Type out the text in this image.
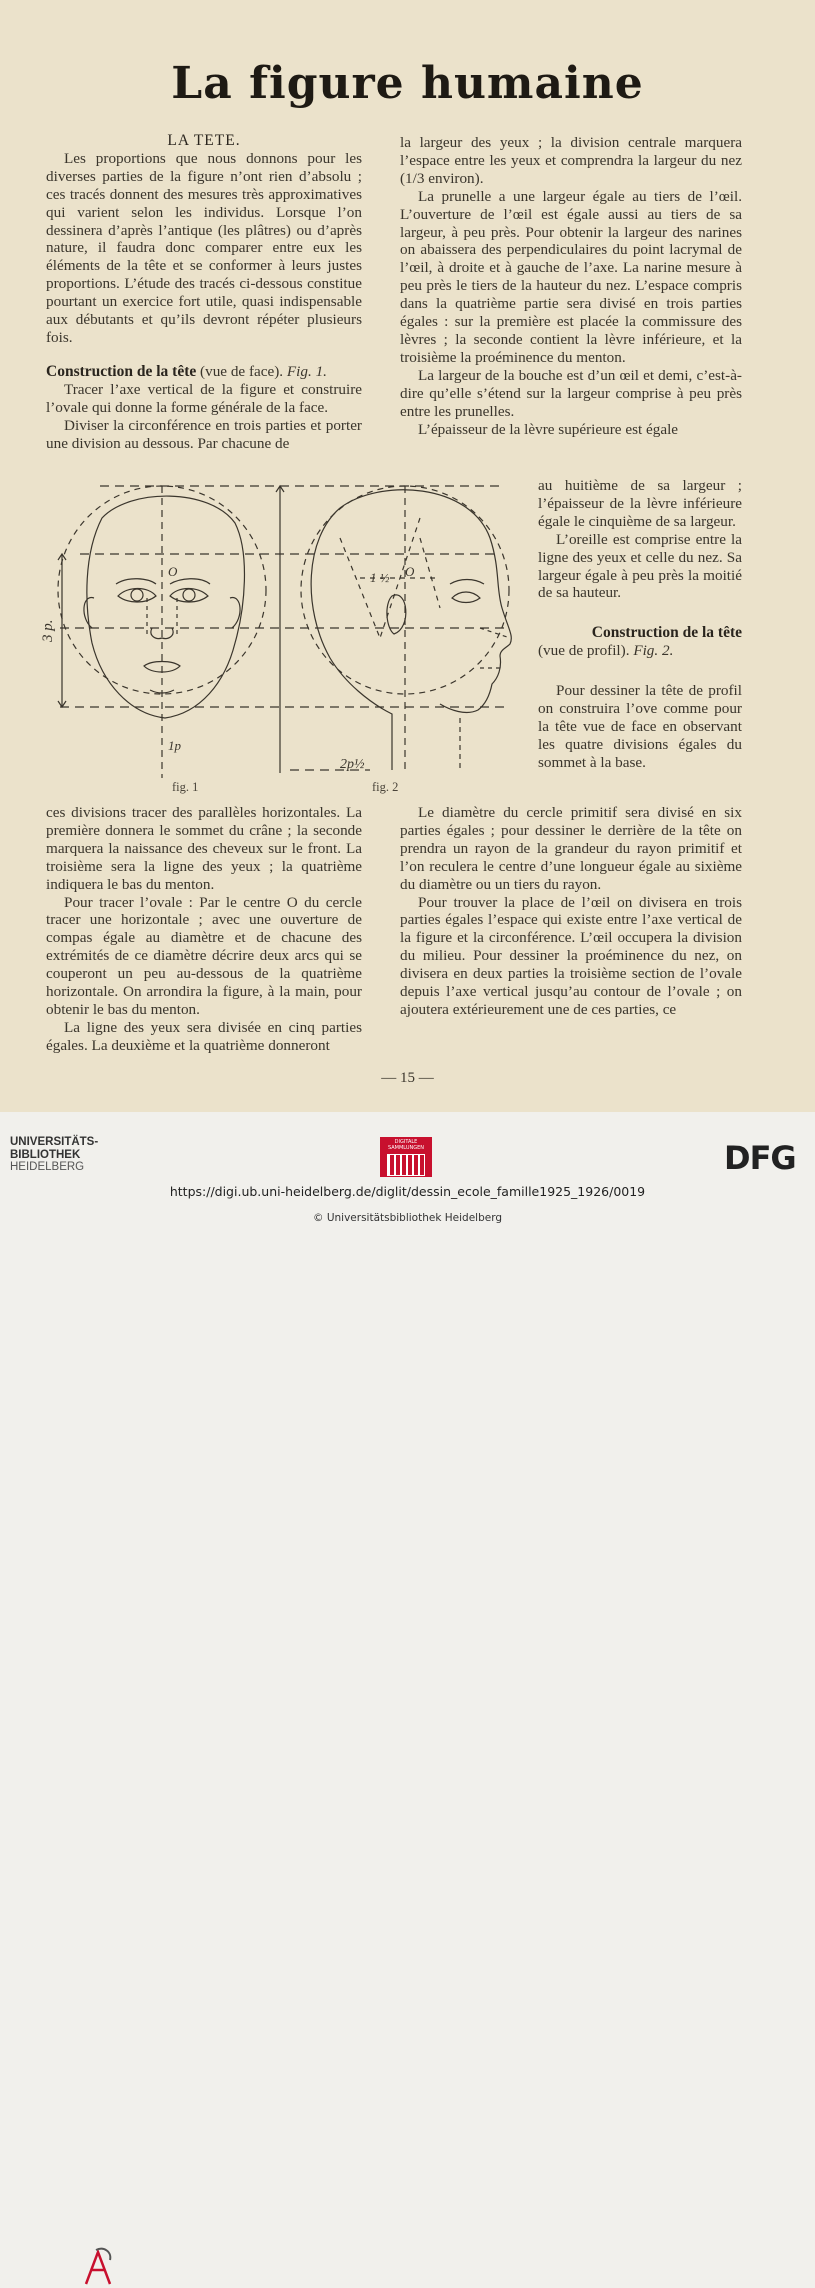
La figure humaine

LA TETE.

Les proportions que nous donnons pour les diverses parties de la figure n’ont rien d’absolu ; ces tracés donnent des mesures très approximatives qui varient selon les individus. Lorsque l’on dessinera d’après l’antique (les plâtres) ou d’après nature, il faudra donc comparer entre eux les éléments de la tête et se conformer à leurs justes proportions. L’étude des tracés ci-dessous constitue pourtant un exercice fort utile, quasi indispensable aux débutants et qu’ils devront répéter plusieurs fois.

Construction de la tête (vue de face). Fig. 1.

Tracer l’axe vertical de la figure et construire l’ovale qui donne la forme générale de la face.

Diviser la circonférence en trois parties et porter une division au dessous. Par chacune de

ces divisions tracer des parallèles horizontales. La première donnera le sommet du crâne ; la seconde marquera la naissance des cheveux sur le front. La troisième sera la ligne des yeux ; la quatrième indiquera le bas du menton.

Pour tracer l’ovale : Par le centre O du cercle tracer une horizontale ; avec une ouverture de compas égale au diamètre et de chacune des extrémités de ce diamètre décrire deux arcs qui se couperont un peu au-dessous de la quatrième horizontale. On arrondira la figure, à la main, pour obtenir le bas du menton.

La ligne des yeux sera divisée en cinq parties égales. La deuxième et la quatrième donneront

la largeur des yeux ; la division centrale marquera l’espace entre les yeux et comprendra la largeur du nez (1/3 environ).

La prunelle a une largeur égale au tiers de l’œil. L’ouverture de l’œil est égale aussi au tiers de sa largeur, à peu près. Pour obtenir la largeur des narines on abaissera des perpendiculaires du point lacrymal de l’œil, à droite et à gauche de l’axe. La narine mesure à peu près le tiers de la hauteur du nez. L’espace compris dans la quatrième partie sera divisé en trois parties égales : sur la première est placée la commissure des lèvres ; la seconde contient la lèvre inférieure, et la troisième la proéminence du menton.

La largeur de la bouche est d’un œil et demi, c’est-à-dire qu’elle s’étend sur la largeur comprise à peu près entre les prunelles.

L’épaisseur de la lèvre supérieure est égale

au huitième de sa largeur ; l’épaisseur de la lèvre inférieure égale le cinquième de sa largeur.

L’oreille est comprise entre la ligne des yeux et celle du nez. Sa largeur égale à peu près la moitié de sa hauteur.

Construction de la tête

(vue de profil). Fig. 2.

Pour dessiner la tête de profil on construira l’ove comme pour la tête vue de face en observant les quatre divisions égales du sommet à la base.

Le diamètre du cercle primitif sera divisé en six parties égales ; pour dessiner le derrière de la tête on prendra un rayon de la grandeur du rayon primitif et l’on reculera le centre d’une longueur égale au sixième du diamètre ou un tiers du rayon.

Pour trouver la place de l’œil on divisera en trois parties égales l’espace qui existe entre l’axe vertical de la figure et la circonférence. L’œil occupera la division du milieu. Pour dessiner la proéminence du nez, on divisera en deux parties la troisième section de l’ovale depuis l’axe vertical jusqu’au contour de l’ovale ; on ajoutera extérieurement une de ces parties, ce

3 p.
O	O
1p
1 ½
2p½
fig. 1	fig. 2
— 15 —
UNIVERSITÄTS-
BIBLIOTHEK
HEIDELBERG
DIGITALE SAMMLUNGEN	DFG
https://digi.ub.uni-heidelberg.de/diglit/dessin_ecole_famille1925_1926/0019
© Universitätsbibliothek Heidelberg
